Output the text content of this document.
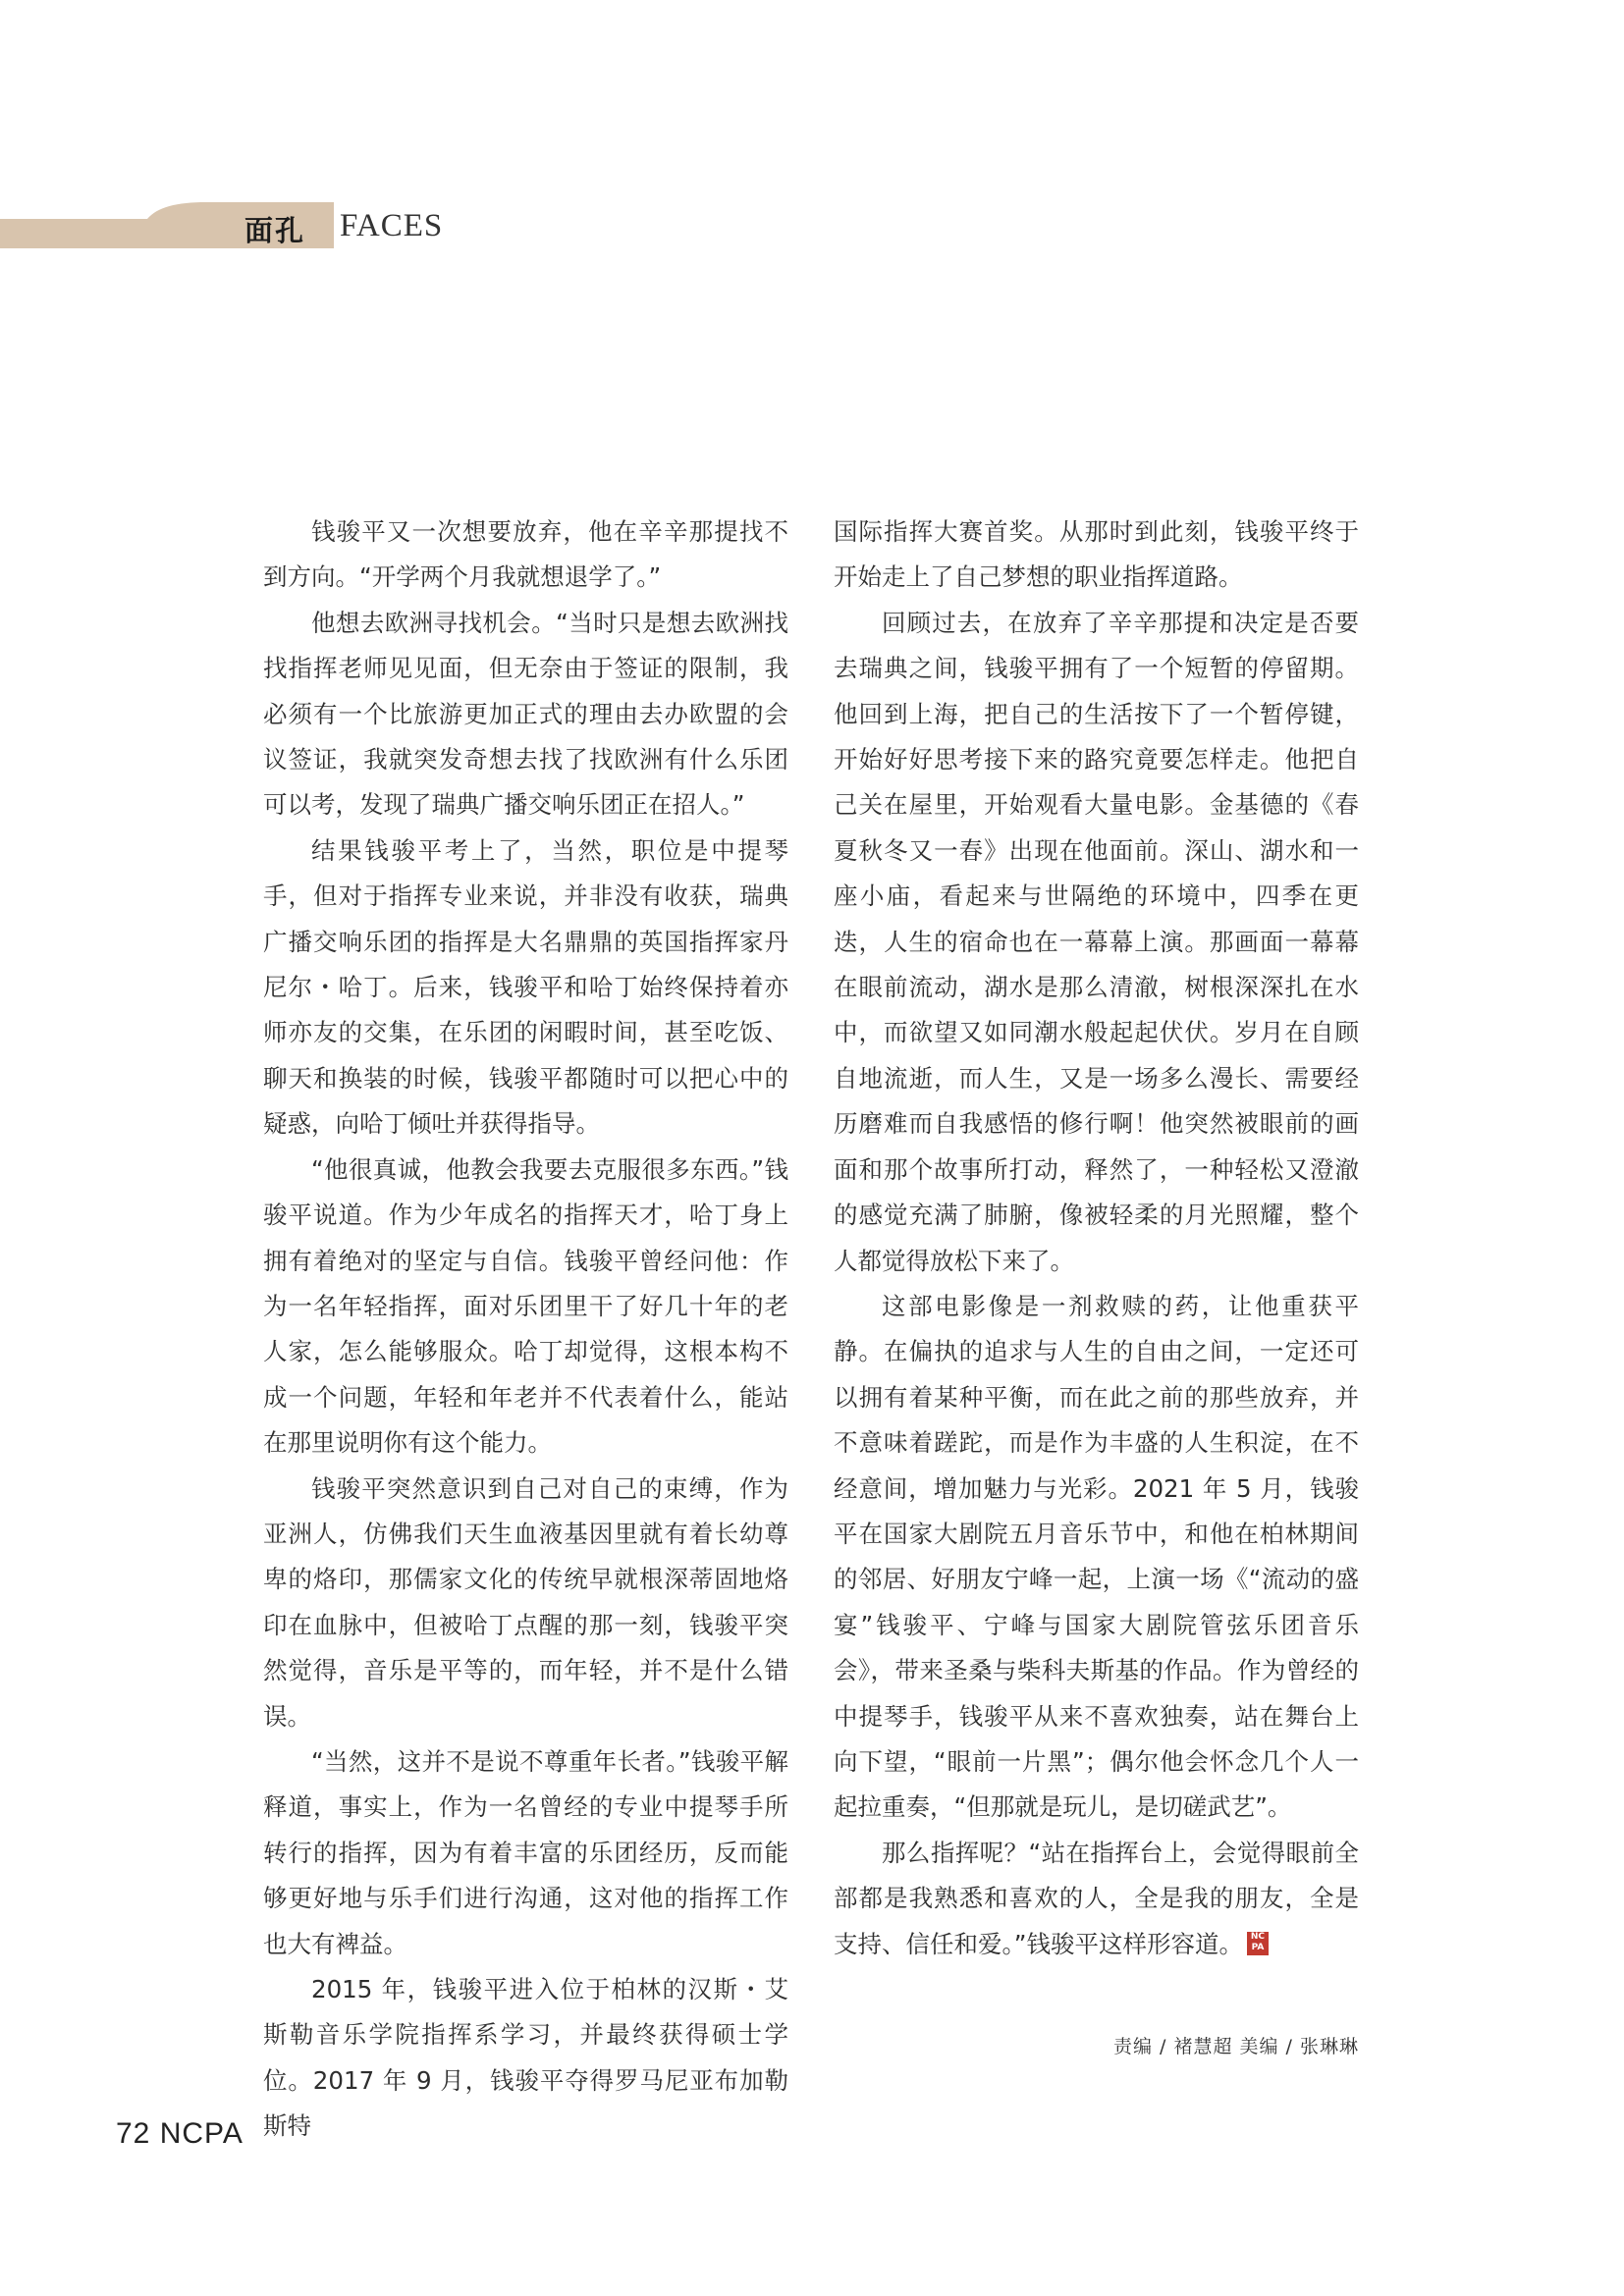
面孔 FACES

钱骏平又一次想要放弃，他在辛辛那提找不到方向。“开学两个月我就想退学了。”

他想去欧洲寻找机会。“当时只是想去欧洲找找指挥老师见见面，但无奈由于签证的限制，我必须有一个比旅游更加正式的理由去办欧盟的会议签证，我就突发奇想去找了找欧洲有什么乐团可以考，发现了瑞典广播交响乐团正在招人。”

结果钱骏平考上了，当然，职位是中提琴手，但对于指挥专业来说，并非没有收获，瑞典广播交响乐团的指挥是大名鼎鼎的英国指挥家丹尼尔・哈丁。后来，钱骏平和哈丁始终保持着亦师亦友的交集，在乐团的闲暇时间，甚至吃饭、聊天和换装的时候，钱骏平都随时可以把心中的疑惑，向哈丁倾吐并获得指导。

“他很真诚，他教会我要去克服很多东西。”钱骏平说道。作为少年成名的指挥天才，哈丁身上拥有着绝对的坚定与自信。钱骏平曾经问他：作为一名年轻指挥，面对乐团里干了好几十年的老人家，怎么能够服众。哈丁却觉得，这根本构不成一个问题，年轻和年老并不代表着什么，能站在那里说明你有这个能力。

钱骏平突然意识到自己对自己的束缚，作为亚洲人，仿佛我们天生血液基因里就有着长幼尊卑的烙印，那儒家文化的传统早就根深蒂固地烙印在血脉中，但被哈丁点醒的那一刻，钱骏平突然觉得，音乐是平等的，而年轻，并不是什么错误。

“当然，这并不是说不尊重年长者。”钱骏平解释道，事实上，作为一名曾经的专业中提琴手所转行的指挥，因为有着丰富的乐团经历，反而能够更好地与乐手们进行沟通，这对他的指挥工作也大有裨益。

2015 年，钱骏平进入位于柏林的汉斯・艾斯勒音乐学院指挥系学习，并最终获得硕士学位。2017 年 9 月，钱骏平夺得罗马尼亚布加勒斯特

国际指挥大赛首奖。从那时到此刻，钱骏平终于开始走上了自己梦想的职业指挥道路。

回顾过去，在放弃了辛辛那提和决定是否要去瑞典之间，钱骏平拥有了一个短暂的停留期。他回到上海，把自己的生活按下了一个暂停键，开始好好思考接下来的路究竟要怎样走。他把自己关在屋里，开始观看大量电影。金基德的《春夏秋冬又一春》出现在他面前。深山、湖水和一座小庙，看起来与世隔绝的环境中，四季在更迭，人生的宿命也在一幕幕上演。那画面一幕幕在眼前流动，湖水是那么清澈，树根深深扎在水中，而欲望又如同潮水般起起伏伏。岁月在自顾自地流逝，而人生，又是一场多么漫长、需要经历磨难而自我感悟的修行啊！他突然被眼前的画面和那个故事所打动，释然了，一种轻松又澄澈的感觉充满了肺腑，像被轻柔的月光照耀，整个人都觉得放松下来了。

这部电影像是一剂救赎的药，让他重获平静。在偏执的追求与人生的自由之间，一定还可以拥有着某种平衡，而在此之前的那些放弃，并不意味着蹉跎，而是作为丰盛的人生积淀，在不经意间，增加魅力与光彩。2021 年 5 月，钱骏平在国家大剧院五月音乐节中，和他在柏林期间的邻居、好朋友宁峰一起，上演一场《“流动的盛宴”钱骏平、宁峰与国家大剧院管弦乐团音乐会》，带来圣桑与柴科夫斯基的作品。作为曾经的中提琴手，钱骏平从来不喜欢独奏，站在舞台上向下望，“眼前一片黑”；偶尔他会怀念几个人一起拉重奏，“但那就是玩儿，是切磋武艺”。

那么指挥呢？“站在指挥台上，会觉得眼前全部都是我熟悉和喜欢的人，全是我的朋友，全是支持、信任和爱。”钱骏平这样形容道。 NC
PA

责编 / 褚慧超 美编 / 张琳琳
72 NCPA
